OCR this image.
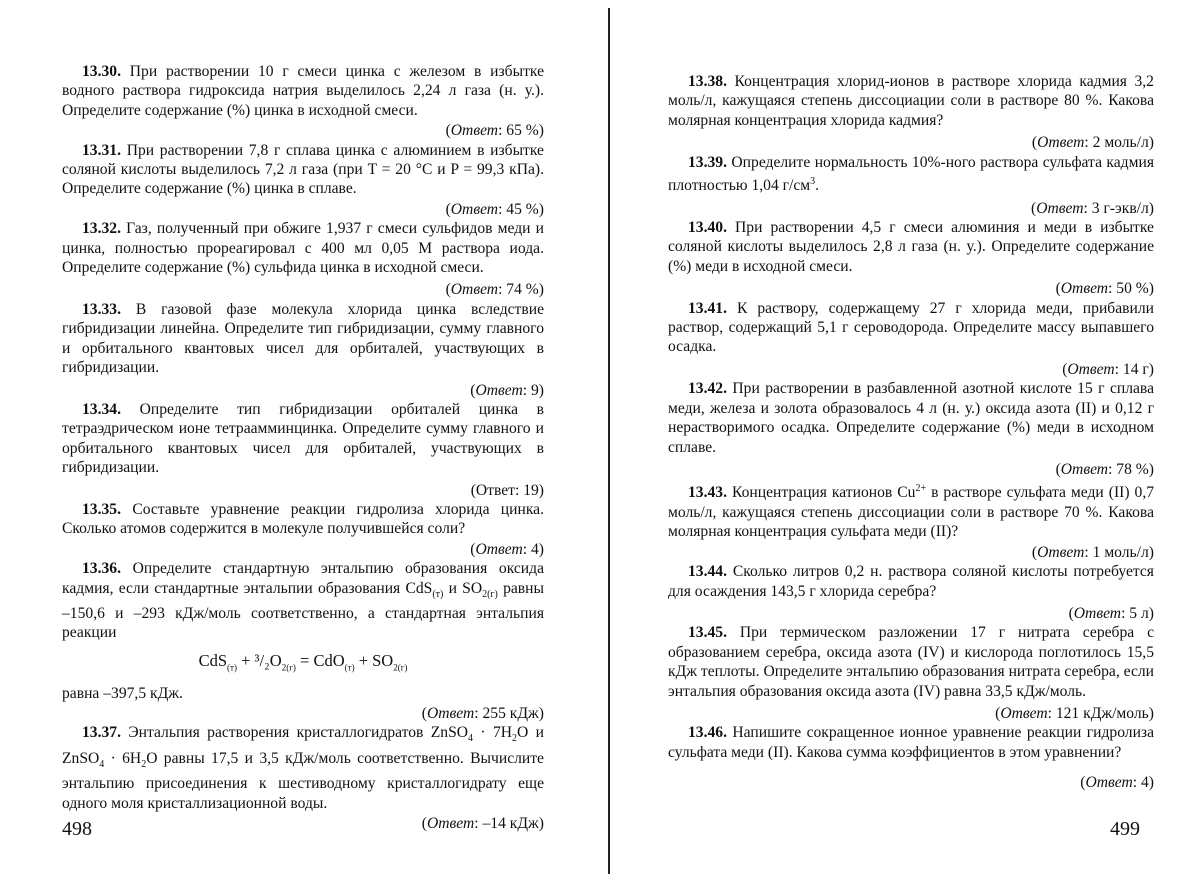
13.30. При растворении 10 г смеси цинка с железом в избытке водного раствора гидроксида натрия выделилось 2,24 л газа (н. у.). Определите содержание (%) цинка в исходной смеси.

(Ответ: 65 %)

13.31. При растворении 7,8 г сплава цинка с алюминием в избытке соляной кислоты выделилось 7,2 л газа (при T = 20 °C и P = 99,3 кПа). Определите содержание (%) цинка в сплаве.

(Ответ: 45 %)

13.32. Газ, полученный при обжиге 1,937 г смеси сульфидов меди и цинка, полностью прореагировал с 400 мл 0,05 M раствора иода. Определите содержание (%) сульфида цинка в исходной смеси.

(Ответ: 74 %)

13.33. В газовой фазе молекула хлорида цинка вследствие гибридизации линейна. Определите тип гибридизации, сумму главного и орбитального квантовых чисел для орбиталей, участвующих в гибридизации.

(Ответ: 9)

13.34. Определите тип гибридизации орбиталей цинка в тетраэдрическом ионе тетраамминцинка. Определите сумму главного и орбитального квантовых чисел для орбиталей, участвующих в гибридизации.

(Ответ: 19)

13.35. Составьте уравнение реакции гидролиза хлорида цинка. Сколько атомов содержится в молекуле получившейся соли?

(Ответ: 4)

13.36. Определите стандартную энтальпию образования оксида кадмия, если стандартные энтальпии образования CdS$_{(т)}$ и $SO_{2(г)}$ равны –150,6 и –293 кДж/моль соответственно, а стандартная энтальпия реакции

$CdS_{(т)} + ^3/_2O_{2(г)} = CdO_{(т)} + SO_{2(г)}$

равна –397,5 кДж.

(Ответ: 255 кДж)

13.37. Энтальпия растворения кристаллогидратов ZnSO$_4$ · $7H_2O$ и ZnSO$_4$ · $6H_2O$ равны 17,5 и 3,5 кДж/моль соответственно. Вычислите энтальпию присоединения к шестиводному кристаллогидрату еще одного моля кристаллизационной воды.

(Ответ: –14 кДж)
498

13.38. Концентрация хлорид-ионов в растворе хлорида кадмия 3,2 моль/л, кажущаяся степень диссоциации соли в растворе 80 %. Какова молярная концентрация хлорида кадмия?

(Ответ: 2 моль/л)

13.39. Определите нормальность 10%-ного раствора сульфата кадмия плотностью 1,04 $г/см^3$.

(Ответ: 3 г-экв/л)

13.40. При растворении 4,5 г смеси алюминия и меди в избытке соляной кислоты выделилось 2,8 л газа (н. у.). Определите содержание (%) меди в исходной смеси.

(Ответ: 50 %)

13.41. К раствору, содержащему 27 г хлорида меди, прибавили раствор, содержащий 5,1 г сероводорода. Определите массу выпавшего осадка.

(Ответ: 14 г)

13.42. При растворении в разбавленной азотной кислоте 15 г сплава меди, железа и золота образовалось 4 л (н. у.) оксида азота (II) и 0,12 г нерастворимого осадка. Определите содержание (%) меди в исходном сплаве.

(Ответ: 78 %)

13.43. Концентрация катионов $Cu^{2+}$ в растворе сульфата меди (II) 0,7 моль/л, кажущаяся степень диссоциации соли в растворе 70 %. Какова молярная концентрация сульфата меди (II)?

(Ответ: 1 моль/л)

13.44. Сколько литров 0,2 н. раствора соляной кислоты потребуется для осаждения 143,5 г хлорида серебра?

(Ответ: 5 л)

13.45. При термическом разложении 17 г нитрата серебра с образованием серебра, оксида азота (IV) и кислорода поглотилось 15,5 кДж теплоты. Определите энтальпию образования нитрата серебра, если энтальпия образования оксида азота (IV) равна 33,5 кДж/моль.

(Ответ: 121 кДж/моль)

13.46. Напишите сокращенное ионное уравнение реакции гидролиза сульфата меди (II). Какова сумма коэффициентов в этом уравнении?

(Ответ: 4)
499
